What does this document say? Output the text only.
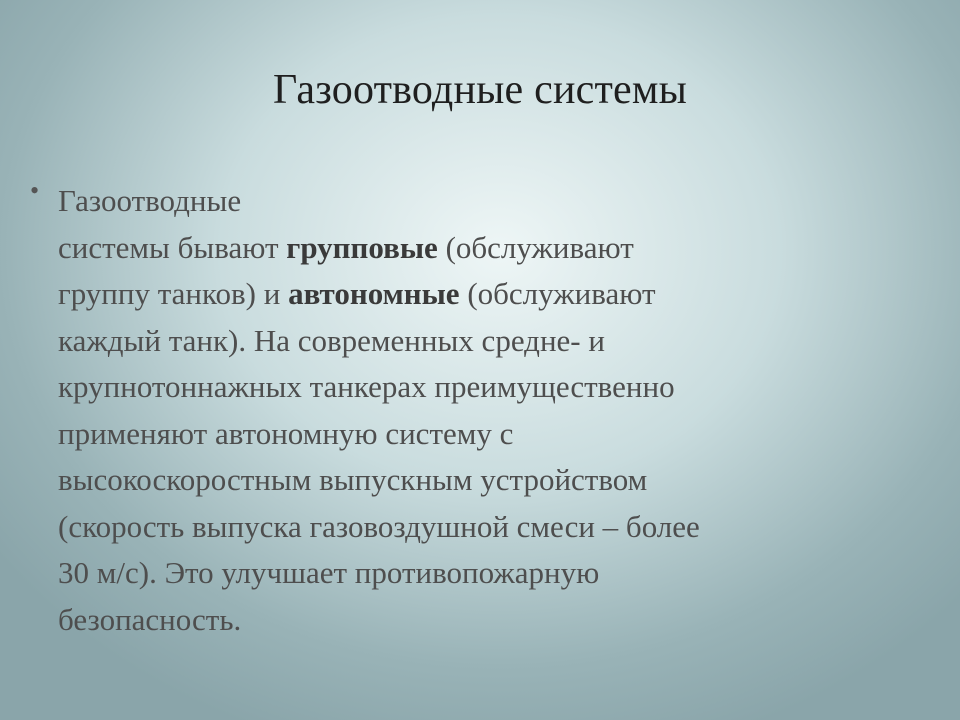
Газоотводные системы
• Газоотводные
системы бывают групповые (обслуживают
группу танков) и автономные (обслуживают
каждый танк). На современных средне- и
крупнотоннажных танкерах преимущественно
применяют автономную систему с
высокоскоростным выпускным устройством
(скорость выпуска газовоздушной смеси – более
30 м/с). Это улучшает противопожарную
безопасность.
